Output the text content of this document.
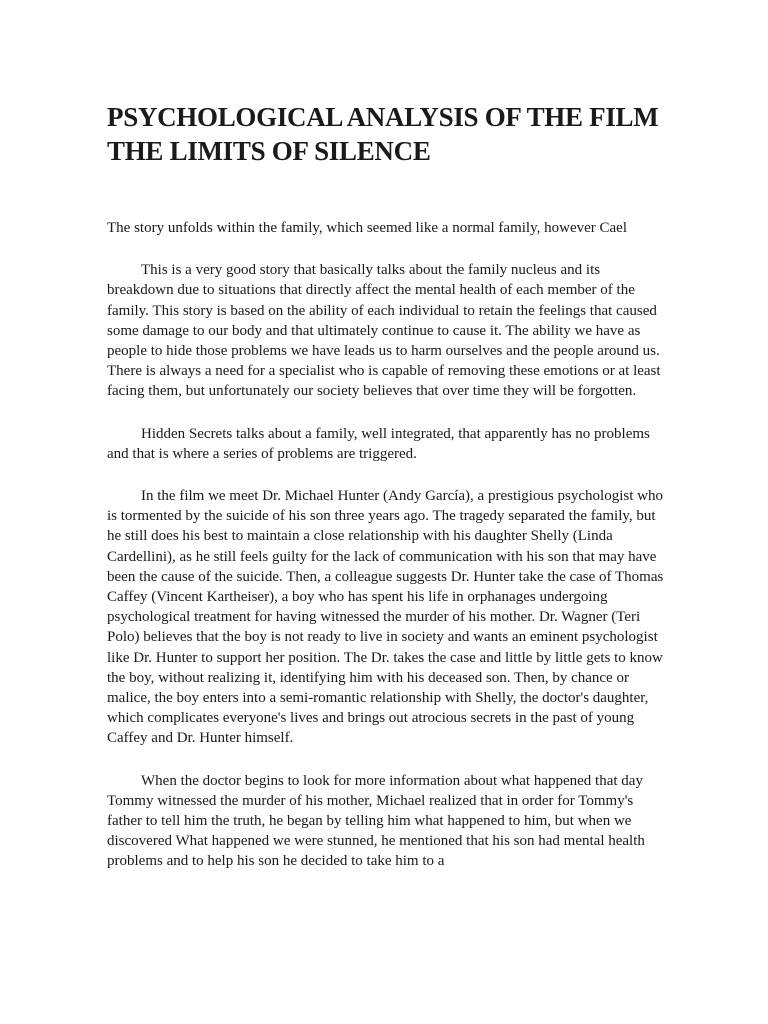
PSYCHOLOGICAL ANALYSIS OF THE FILM THE LIMITS OF SILENCE

The story unfolds within the family, which seemed like a normal family, however Cael

This is a very good story that basically talks about the family nucleus and its breakdown due to situations that directly affect the mental health of each member of the family. This story is based on the ability of each individual to retain the feelings that caused some damage to our body and that ultimately continue to cause it. The ability we have as people to hide those problems we have leads us to harm ourselves and the people around us. There is always a need for a specialist who is capable of removing these emotions or at least facing them, but unfortunately our society believes that over time they will be forgotten.

Hidden Secrets talks about a family, well integrated, that apparently has no problems and that is where a series of problems are triggered.

In the film we meet Dr. Michael Hunter (Andy García), a prestigious psychologist who is tormented by the suicide of his son three years ago. The tragedy separated the family, but he still does his best to maintain a close relationship with his daughter Shelly (Linda Cardellini), as he still feels guilty for the lack of communication with his son that may have been the cause of the suicide. Then, a colleague suggests Dr. Hunter take the case of Thomas Caffey (Vincent Kartheiser), a boy who has spent his life in orphanages undergoing psychological treatment for having witnessed the murder of his mother. Dr. Wagner (Teri Polo) believes that the boy is not ready to live in society and wants an eminent psychologist like Dr. Hunter to support her position. The Dr. takes the case and little by little gets to know the boy, without realizing it, identifying him with his deceased son. Then, by chance or malice, the boy enters into a semi-romantic relationship with Shelly, the doctor's daughter, which complicates everyone's lives and brings out atrocious secrets in the past of young Caffey and Dr. Hunter himself.

When the doctor begins to look for more information about what happened that day Tommy witnessed the murder of his mother, Michael realized that in order for Tommy's father to tell him the truth, he began by telling him what happened to him, but when we discovered What happened we were stunned, he mentioned that his son had mental health problems and to help his son he decided to take him to a
